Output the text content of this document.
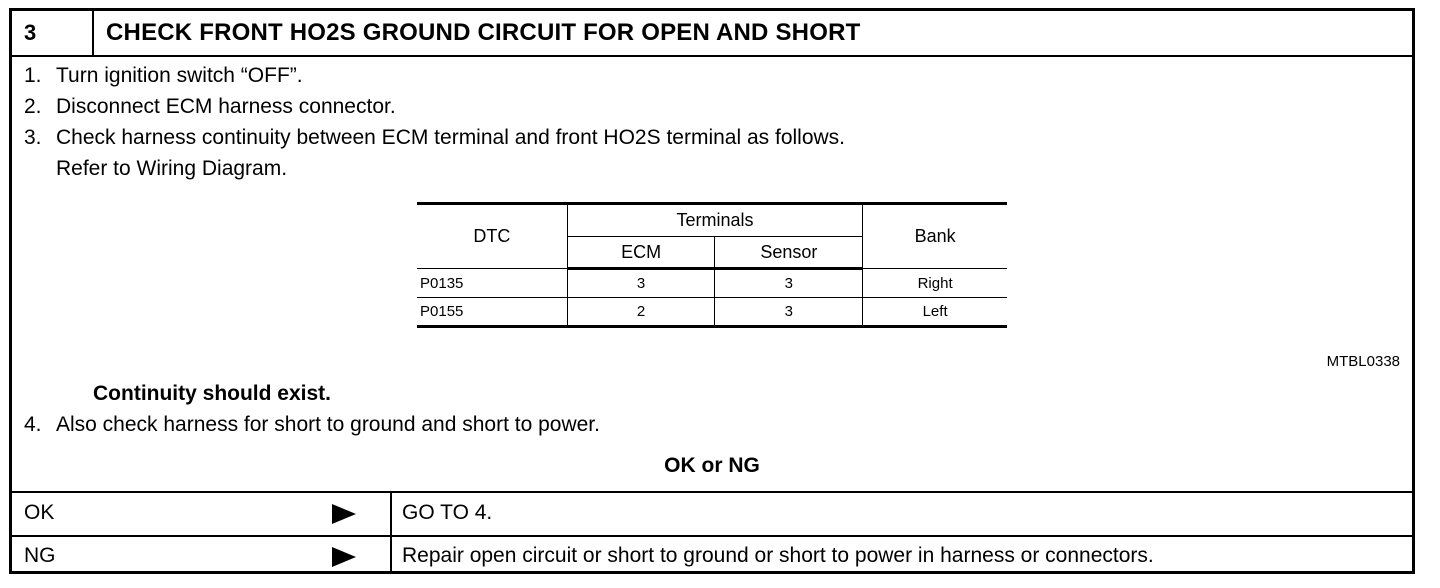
3	CHECK FRONT HO2S GROUND CIRCUIT FOR OPEN AND SHORT
1. Turn ignition switch “OFF”.
2. Disconnect ECM harness connector.
3. Check harness continuity between ECM terminal and front HO2S terminal as follows.
Refer to Wiring Diagram.
DTC	Terminals		Bank
	ECM	Sensor	
P0135	3	3	Right
P0155	2	3	Left
MTBL0338
Continuity should exist.
4. Also check harness for short to ground and short to power.
OK or NG
OK	GO TO 4.
NG	Repair open circuit or short to ground or short to power in harness or connectors.
